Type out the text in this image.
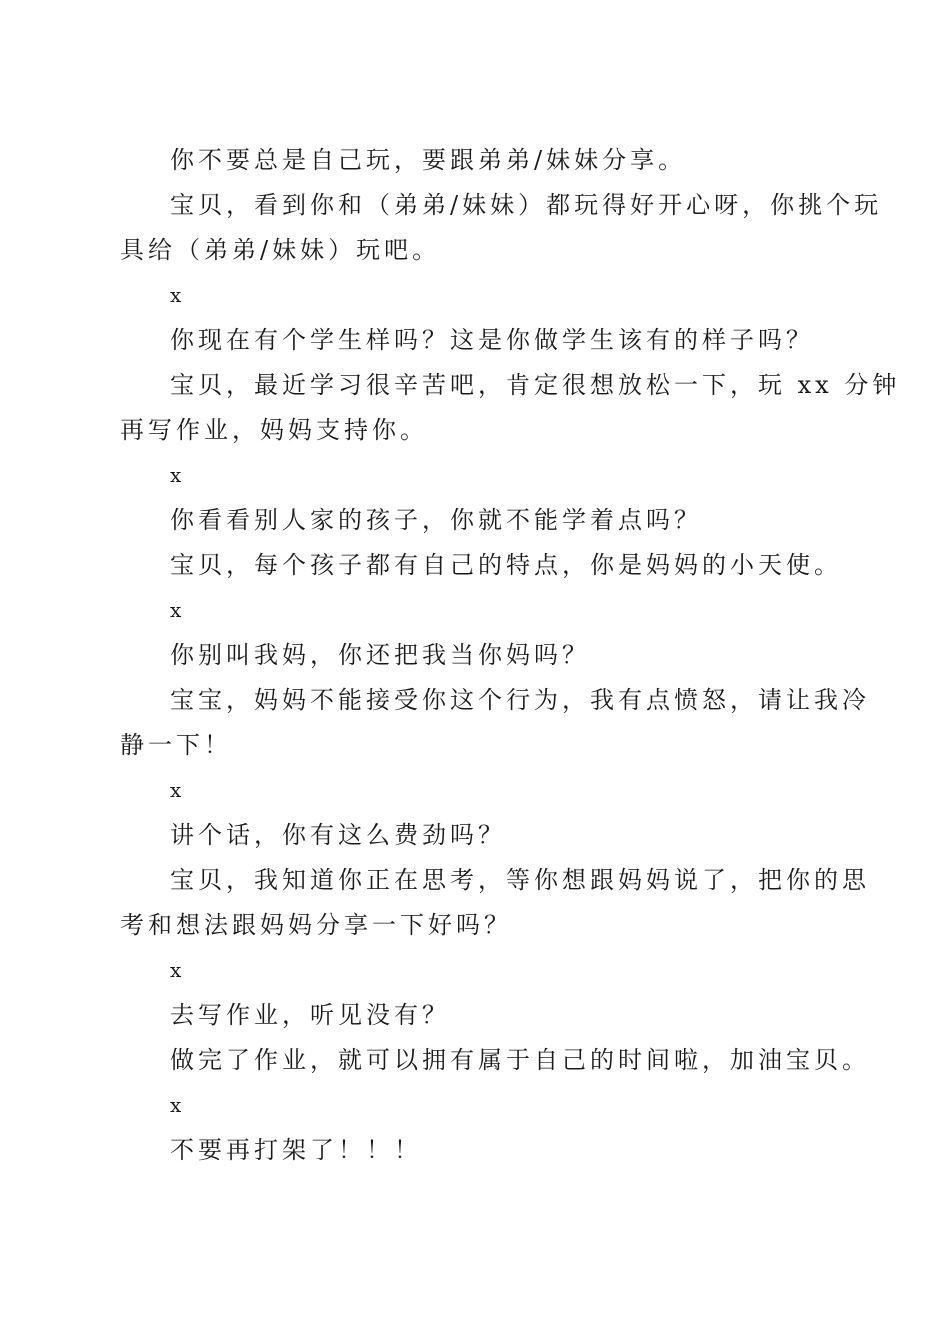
你不要总是自己玩，要跟弟弟/妹妹分享。
宝贝，看到你和（弟弟/妹妹）都玩得好开心呀，你挑个玩
具给（弟弟/妹妹）玩吧。
x
你现在有个学生样吗？这是你做学生该有的样子吗？
宝贝，最近学习很辛苦吧，肯定很想放松一下，玩 xx 分钟
再写作业，妈妈支持你。
x
你看看别人家的孩子，你就不能学着点吗？
宝贝，每个孩子都有自己的特点，你是妈妈的小天使。
x
你别叫我妈，你还把我当你妈吗？
宝宝，妈妈不能接受你这个行为，我有点愤怒，请让我冷
静一下！
x
讲个话，你有这么费劲吗？
宝贝，我知道你正在思考，等你想跟妈妈说了，把你的思
考和想法跟妈妈分享一下好吗？
x
去写作业，听见没有？
做完了作业，就可以拥有属于自己的时间啦，加油宝贝。
x
不要再打架了！！！
